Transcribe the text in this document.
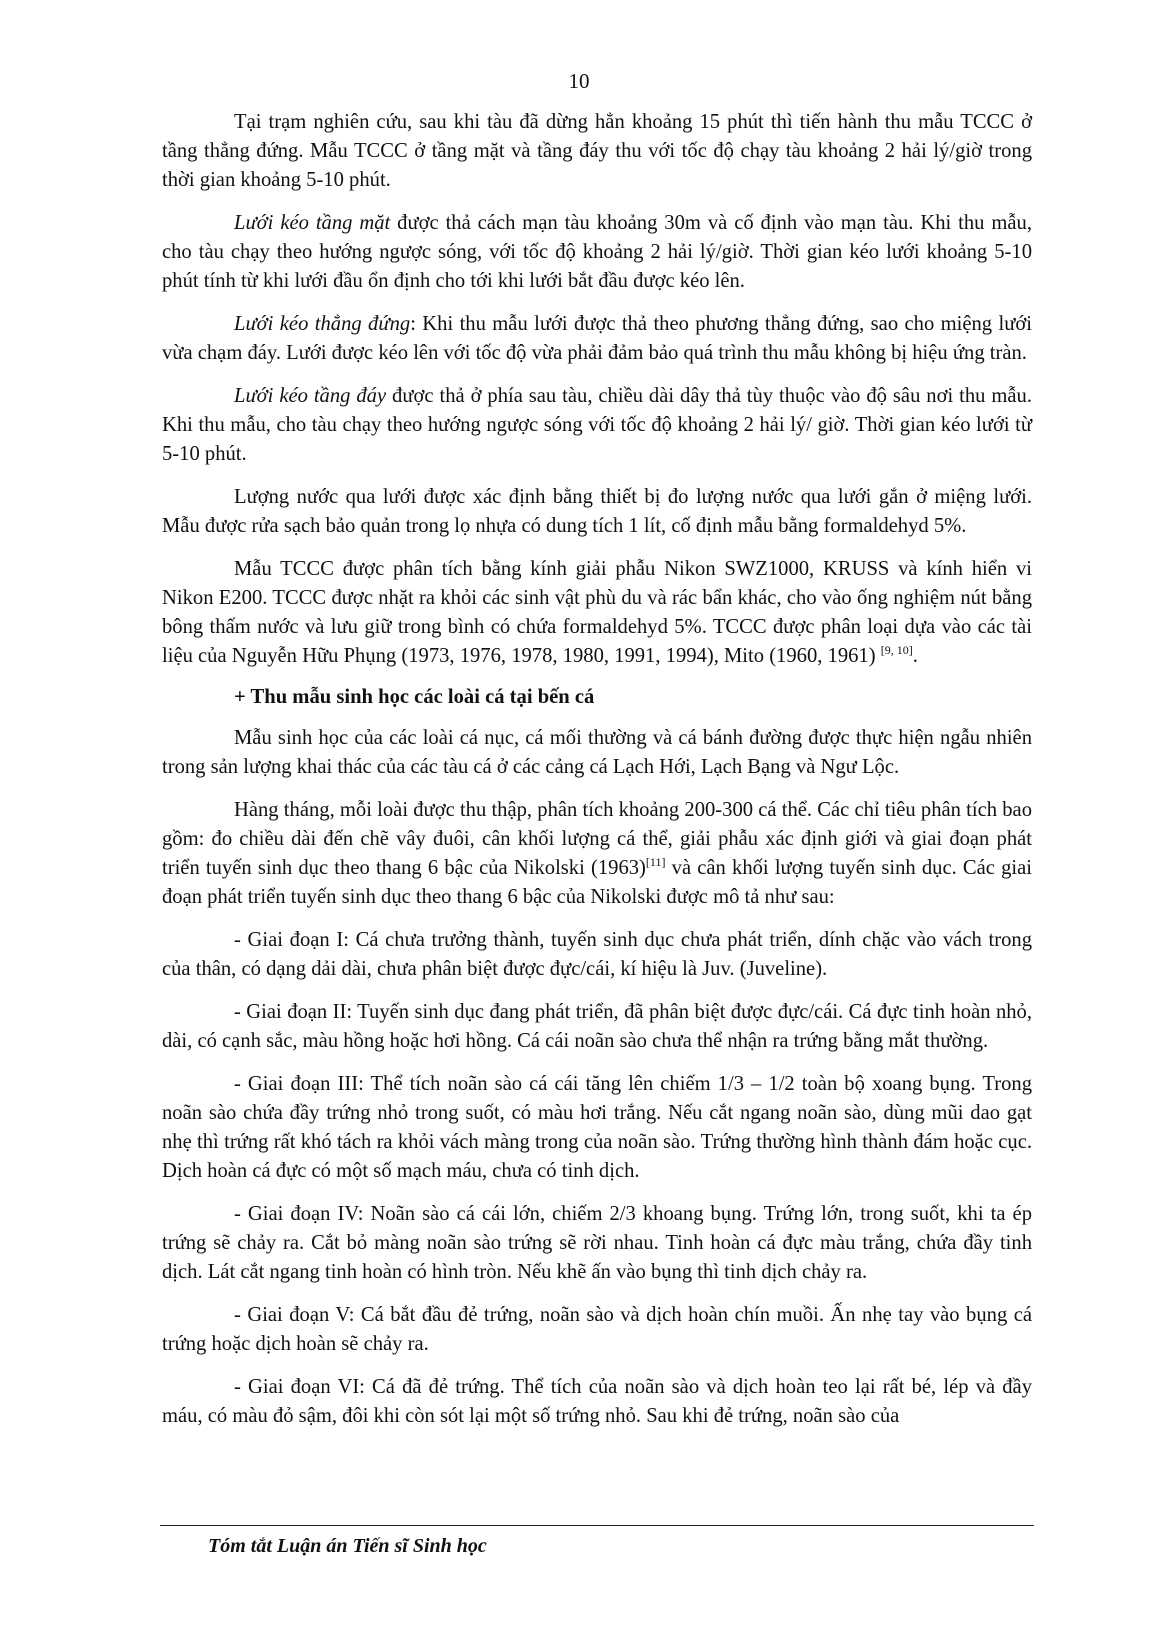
10

Tại trạm nghiên cứu, sau khi tàu đã dừng hẳn khoảng 15 phút thì tiến hành thu mẫu TCCC ở tầng thẳng đứng. Mẫu TCCC ở tầng mặt và tầng đáy thu với tốc độ chạy tàu khoảng 2 hải lý/giờ trong thời gian khoảng 5-10 phút.

Lưới kéo tầng mặt được thả cách mạn tàu khoảng 30m và cố định vào mạn tàu. Khi thu mẫu, cho tàu chạy theo hướng ngược sóng, với tốc độ khoảng 2 hải lý/giờ. Thời gian kéo lưới khoảng 5-10 phút tính từ khi lưới đầu ổn định cho tới khi lưới bắt đầu được kéo lên.

Lưới kéo thẳng đứng: Khi thu mẫu lưới được thả theo phương thẳng đứng, sao cho miệng lưới vừa chạm đáy. Lưới được kéo lên với tốc độ vừa phải đảm bảo quá trình thu mẫu không bị hiệu ứng tràn.

Lưới kéo tầng đáy được thả ở phía sau tàu, chiều dài dây thả tùy thuộc vào độ sâu nơi thu mẫu. Khi thu mẫu, cho tàu chạy theo hướng ngược sóng với tốc độ khoảng 2 hải lý/ giờ. Thời gian kéo lưới từ 5-10 phút.

Lượng nước qua lưới được xác định bằng thiết bị đo lượng nước qua lưới gắn ở miệng lưới. Mẫu được rửa sạch bảo quản trong lọ nhựa có dung tích 1 lít, cố định mẫu bằng formaldehyd 5%.

Mẫu TCCC được phân tích bằng kính giải phẫu Nikon SWZ1000, KRUSS và kính hiển vi Nikon E200. TCCC được nhặt ra khỏi các sinh vật phù du và rác bẩn khác, cho vào ống nghiệm nút bằng bông thấm nước và lưu giữ trong bình có chứa formaldehyd 5%. TCCC được phân loại dựa vào các tài liệu của Nguyễn Hữu Phụng (1973, 1976, 1978, 1980, 1991, 1994), Mito (1960, 1961) [9, 10].

+ Thu mẫu sinh học các loài cá tại bến cá

Mẫu sinh học của các loài cá nục, cá mối thường và cá bánh đường được thực hiện ngẫu nhiên trong sản lượng khai thác của các tàu cá ở các cảng cá Lạch Hới, Lạch Bạng và Ngư Lộc.

Hàng tháng, mỗi loài được thu thập, phân tích khoảng 200-300 cá thể. Các chỉ tiêu phân tích bao gồm: đo chiều dài đến chẽ vây đuôi, cân khối lượng cá thể, giải phẫu xác định giới và giai đoạn phát triển tuyến sinh dục theo thang 6 bậc của Nikolski (1963)[11] và cân khối lượng tuyến sinh dục. Các giai đoạn phát triển tuyến sinh dục theo thang 6 bậc của Nikolski được mô tả như sau:

- Giai đoạn I: Cá chưa trưởng thành, tuyến sinh dục chưa phát triển, dính chặc vào vách trong của thân, có dạng dải dài, chưa phân biệt được đực/cái, kí hiệu là Juv. (Juveline).

- Giai đoạn II: Tuyến sinh dục đang phát triển, đã phân biệt được đực/cái. Cá đực tinh hoàn nhỏ, dài, có cạnh sắc, màu hồng hoặc hơi hồng. Cá cái noãn sào chưa thể nhận ra trứng bằng mắt thường.

- Giai đoạn III: Thể tích noãn sào cá cái tăng lên chiếm 1/3 – 1/2 toàn bộ xoang bụng. Trong noãn sào chứa đầy trứng nhỏ trong suốt, có màu hơi trắng. Nếu cắt ngang noãn sào, dùng mũi dao gạt nhẹ thì trứng rất khó tách ra khỏi vách màng trong của noãn sào. Trứng thường hình thành đám hoặc cục. Dịch hoàn cá đực có một số mạch máu, chưa có tinh dịch.

- Giai đoạn IV: Noãn sào cá cái lớn, chiếm 2/3 khoang bụng. Trứng lớn, trong suốt, khi ta ép trứng sẽ chảy ra. Cắt bỏ màng noãn sào trứng sẽ rời nhau. Tinh hoàn cá đực màu trắng, chứa đầy tinh dịch. Lát cắt ngang tinh hoàn có hình tròn. Nếu khẽ ấn vào bụng thì tinh dịch chảy ra.

- Giai đoạn V: Cá bắt đầu đẻ trứng, noãn sào và dịch hoàn chín muồi. Ấn nhẹ tay vào bụng cá trứng hoặc dịch hoàn sẽ chảy ra.

- Giai đoạn VI: Cá đã đẻ trứng. Thể tích của noãn sào và dịch hoàn teo lại rất bé, lép và đầy máu, có màu đỏ sậm, đôi khi còn sót lại một số trứng nhỏ. Sau khi đẻ trứng, noãn sào của

Tóm tắt Luận án Tiến sĩ Sinh học
